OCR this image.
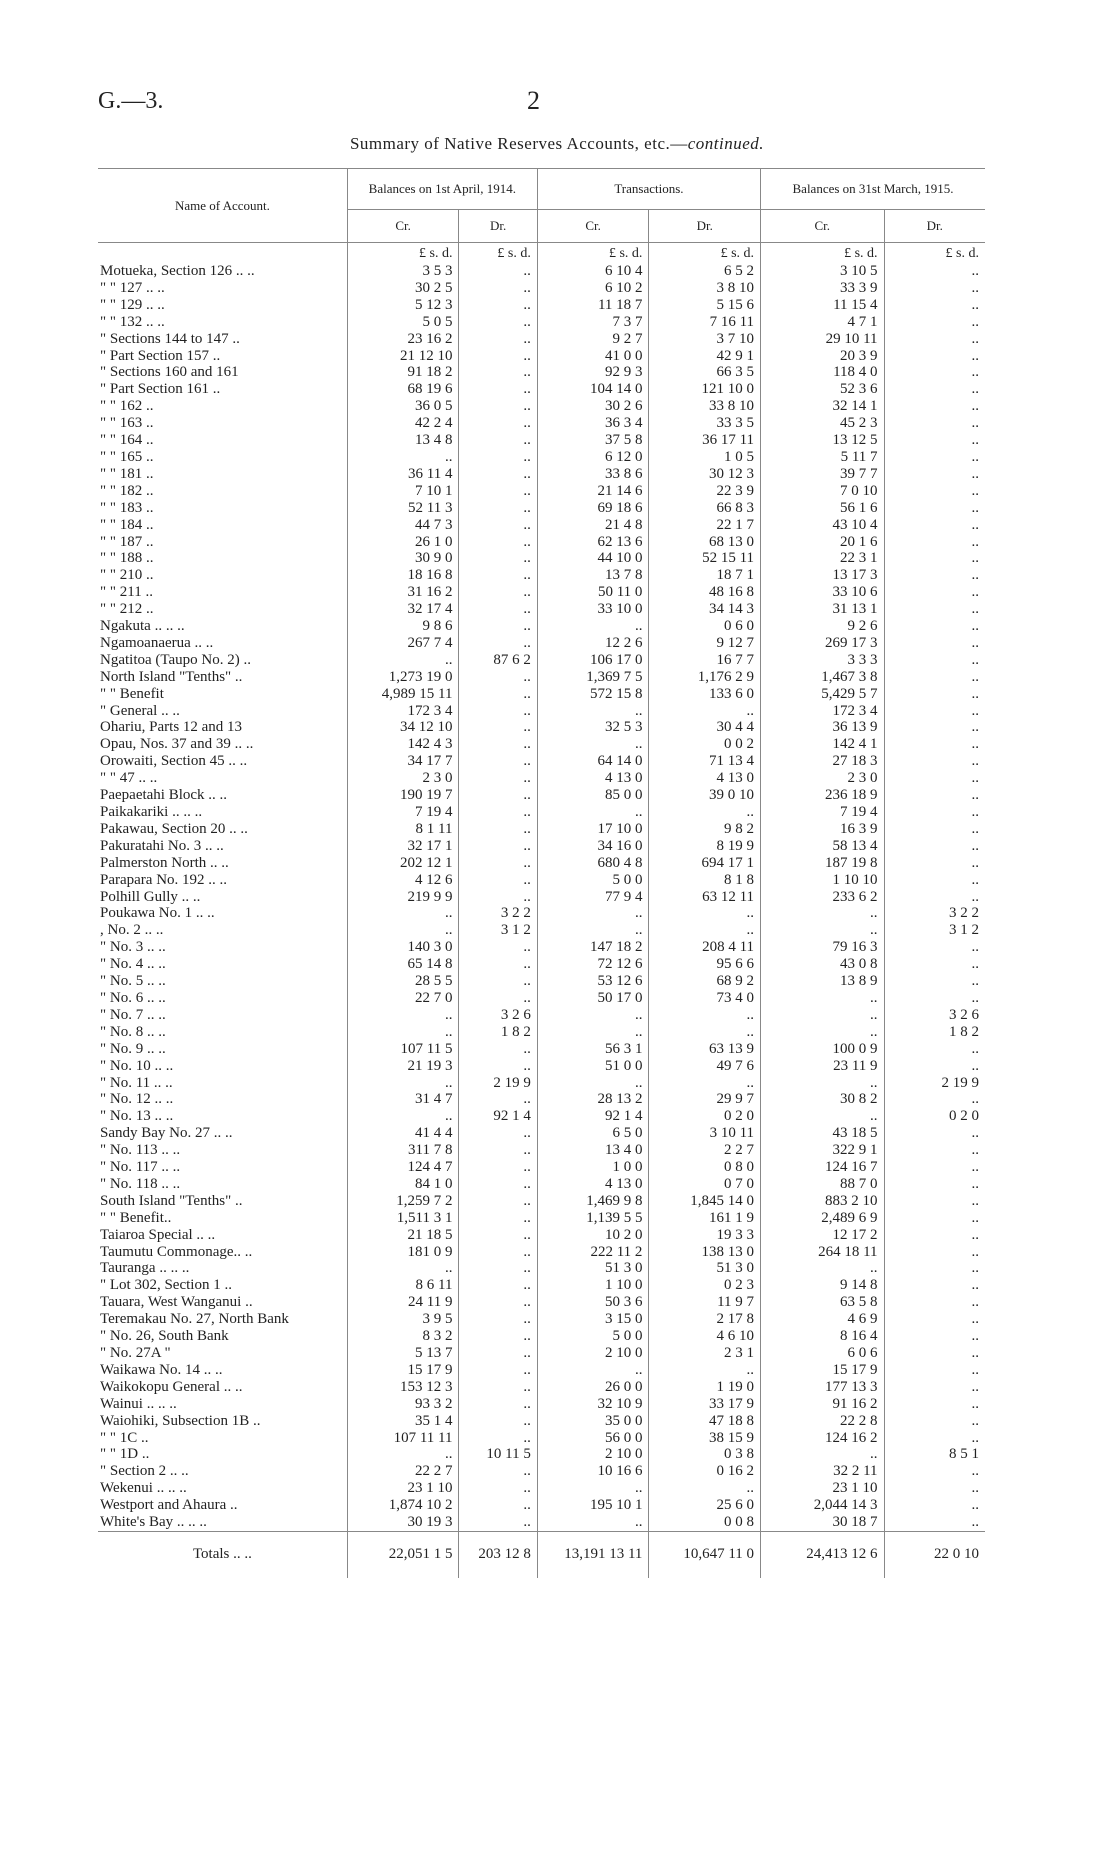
G.—3.	2
Summary of Native Reserves Accounts, etc.—continued.
Name of Account.	Balances on 1st April, 1914.		Transactions.		Balances on 31st March, 1915.	
	Cr.	Dr.	Cr.	Dr.	Cr.	Dr.
	£ s. d.	£ s. d.	£ s. d.	£ s. d.	£ s. d.	£ s. d.
Motueka, Section 126 .. ..	3 5 3	..	6 10 4	6 5 2	3 10 5	..
" " 127 .. ..	30 2 5	..	6 10 2	3 8 10	33 3 9	..
" " 129 .. ..	5 12 3	..	11 18 7	5 15 6	11 15 4	..
" " 132 .. ..	5 0 5	..	7 3 7	7 16 11	4 7 1	..
" Sections 144 to 147 ..	23 16 2	..	9 2 7	3 7 10	29 10 11	..
" Part Section 157 ..	21 12 10	..	41 0 0	42 9 1	20 3 9	..
" Sections 160 and 161	91 18 2	..	92 9 3	66 3 5	118 4 0	..
" Part Section 161 ..	68 19 6	..	104 14 0	121 10 0	52 3 6	..
" " 162 ..	36 0 5	..	30 2 6	33 8 10	32 14 1	..
" " 163 ..	42 2 4	..	36 3 4	33 3 5	45 2 3	..
" " 164 ..	13 4 8	..	37 5 8	36 17 11	13 12 5	..
" " 165 ..	..	..	6 12 0	1 0 5	5 11 7	..
" " 181 ..	36 11 4	..	33 8 6	30 12 3	39 7 7	..
" " 182 ..	7 10 1	..	21 14 6	22 3 9	7 0 10	..
" " 183 ..	52 11 3	..	69 18 6	66 8 3	56 1 6	..
" " 184 ..	44 7 3	..	21 4 8	22 1 7	43 10 4	..
" " 187 ..	26 1 0	..	62 13 6	68 13 0	20 1 6	..
" " 188 ..	30 9 0	..	44 10 0	52 15 11	22 3 1	..
" " 210 ..	18 16 8	..	13 7 8	18 7 1	13 17 3	..
" " 211 ..	31 16 2	..	50 11 0	48 16 8	33 10 6	..
" " 212 ..	32 17 4	..	33 10 0	34 14 3	31 13 1	..
Ngakuta .. .. ..	9 8 6	..	..	0 6 0	9 2 6	..
Ngamoanaerua .. ..	267 7 4	..	12 2 6	9 12 7	269 17 3	..
Ngatitoa (Taupo No. 2) ..	..	87 6 2	106 17 0	16 7 7	3 3 3	..
North Island "Tenths" ..	1,273 19 0	..	1,369 7 5	1,176 2 9	1,467 3 8	..
" " Benefit	4,989 15 11	..	572 15 8	133 6 0	5,429 5 7	..
" General .. ..	172 3 4	..	..	..	172 3 4	..
Ohariu, Parts 12 and 13	34 12 10	..	32 5 3	30 4 4	36 13 9	..
Opau, Nos. 37 and 39 .. ..	142 4 3	..	..	0 0 2	142 4 1	..
Orowaiti, Section 45 .. ..	34 17 7	..	64 14 0	71 13 4	27 18 3	..
" " 47 .. ..	2 3 0	..	4 13 0	4 13 0	2 3 0	..
Paepaetahi Block .. ..	190 19 7	..	85 0 0	39 0 10	236 18 9	..
Paikakariki .. .. ..	7 19 4	..	..	..	7 19 4	..
Pakawau, Section 20 .. ..	8 1 11	..	17 10 0	9 8 2	16 3 9	..
Pakuratahi No. 3 .. ..	32 17 1	..	34 16 0	8 19 9	58 13 4	..
Palmerston North .. ..	202 12 1	..	680 4 8	694 17 1	187 19 8	..
Parapara No. 192 .. ..	4 12 6	..	5 0 0	8 1 8	1 10 10	..
Polhill Gully .. ..	219 9 9	..	77 9 4	63 12 11	233 6 2	..
Poukawa No. 1 .. ..	..	3 2 2	..	..	..	3 2 2
, No. 2 .. ..	..	3 1 2	..	..	..	3 1 2
" No. 3 .. ..	140 3 0	..	147 18 2	208 4 11	79 16 3	..
" No. 4 .. ..	65 14 8	..	72 12 6	95 6 6	43 0 8	..
" No. 5 .. ..	28 5 5	..	53 12 6	68 9 2	13 8 9	..
" No. 6 .. ..	22 7 0	..	50 17 0	73 4 0	..	..
" No. 7 .. ..	..	3 2 6	..	..	..	3 2 6
" No. 8 .. ..	..	1 8 2	..	..	..	1 8 2
" No. 9 .. ..	107 11 5	..	56 3 1	63 13 9	100 0 9	..
" No. 10 .. ..	21 19 3	..	51 0 0	49 7 6	23 11 9	..
" No. 11 .. ..	..	2 19 9	..	..	..	2 19 9
" No. 12 .. ..	31 4 7	..	28 13 2	29 9 7	30 8 2	..
" No. 13 .. ..	..	92 1 4	92 1 4	0 2 0	..	0 2 0
Sandy Bay No. 27 .. ..	41 4 4	..	6 5 0	3 10 11	43 18 5	..
" No. 113 .. ..	311 7 8	..	13 4 0	2 2 7	322 9 1	..
" No. 117 .. ..	124 4 7	..	1 0 0	0 8 0	124 16 7	..
" No. 118 .. ..	84 1 0	..	4 13 0	0 7 0	88 7 0	..
South Island "Tenths" ..	1,259 7 2	..	1,469 9 8	1,845 14 0	883 2 10	..
" " Benefit..	1,511 3 1	..	1,139 5 5	161 1 9	2,489 6 9	..
Taiaroa Special .. ..	21 18 5	..	10 2 0	19 3 3	12 17 2	..
Taumutu Commonage.. ..	181 0 9	..	222 11 2	138 13 0	264 18 11	..
Tauranga .. .. ..	..	..	51 3 0	51 3 0	..	..
" Lot 302, Section 1 ..	8 6 11	..	1 10 0	0 2 3	9 14 8	..
Tauara, West Wanganui ..	24 11 9	..	50 3 6	11 9 7	63 5 8	..
Teremakau No. 27, North Bank	3 9 5	..	3 15 0	2 17 8	4 6 9	..
" No. 26, South Bank	8 3 2	..	5 0 0	4 6 10	8 16 4	..
" No. 27A "	5 13 7	..	2 10 0	2 3 1	6 0 6	..
Waikawa No. 14 .. ..	15 17 9	..	..	..	15 17 9	..
Waikokopu General .. ..	153 12 3	..	26 0 0	1 19 0	177 13 3	..
Wainui .. .. ..	93 3 2	..	32 10 9	33 17 9	91 16 2	..
Waiohiki, Subsection 1B ..	35 1 4	..	35 0 0	47 18 8	22 2 8	..
" " 1C ..	107 11 11	..	56 0 0	38 15 9	124 16 2	..
" " 1D ..	..	10 11 5	2 10 0	0 3 8	..	8 5 1
" Section 2 .. ..	22 2 7	..	10 16 6	0 16 2	32 2 11	..
Wekenui .. .. ..	23 1 10	..	..	..	23 1 10	..
Westport and Ahaura ..	1,874 10 2	..	195 10 1	25 6 0	2,044 14 3	..
White's Bay .. .. ..	30 19 3	..	..	0 0 8	30 18 7	..
Totals .. ..	22,051 1 5	203 12 8	13,191 13 11	10,647 11 0	24,413 12 6	22 0 10
